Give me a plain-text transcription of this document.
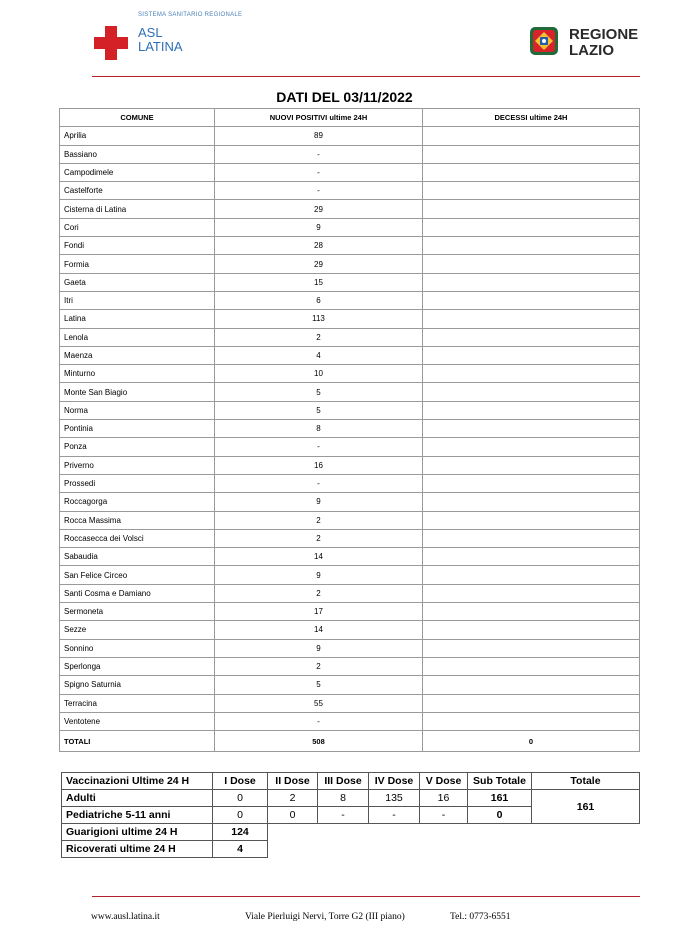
SISTEMA SANITARIO REGIONALE
ASL
LATINA
REGIONE
LAZIO
DATI DEL 03/11/2022
COMUNE	NUOVI POSITIVI ultime 24H	DECESSI ultime 24H
Aprilia	89	
Bassiano	-	
Campodimele	-	
Castelforte	-	
Cisterna di Latina	29	
Cori	9	
Fondi	28	
Formia	29	
Gaeta	15	
Itri	6	
Latina	113	
Lenola	2	
Maenza	4	
Minturno	10	
Monte San Biagio	5	
Norma	5	
Pontinia	8	
Ponza	-	
Priverno	16	
Prossedi	-	
Roccagorga	9	
Rocca Massima	2	
Roccasecca dei Volsci	2	
Sabaudia	14	
San Felice Circeo	9	
Santi Cosma e Damiano	2	
Sermoneta	17	
Sezze	14	
Sonnino	9	
Sperlonga	2	
Spigno Saturnia	5	
Terracina	55	
Ventotene	-	
TOTALI	508	0
Vaccinazioni Ultime 24 H	I Dose	II Dose	III Dose	IV Dose	V Dose	Sub Totale	Totale
Adulti	0	2	8	135	16	161	161
Pediatriche 5-11 anni	0	0	-	-	-	0	
Guarigioni ultime 24 H	124						
Ricoverati ultime 24 H	4						
www.ausl.latina.it	Viale Pierluigi Nervi, Torre G2 (III piano)	Tel.: 0773-6551
